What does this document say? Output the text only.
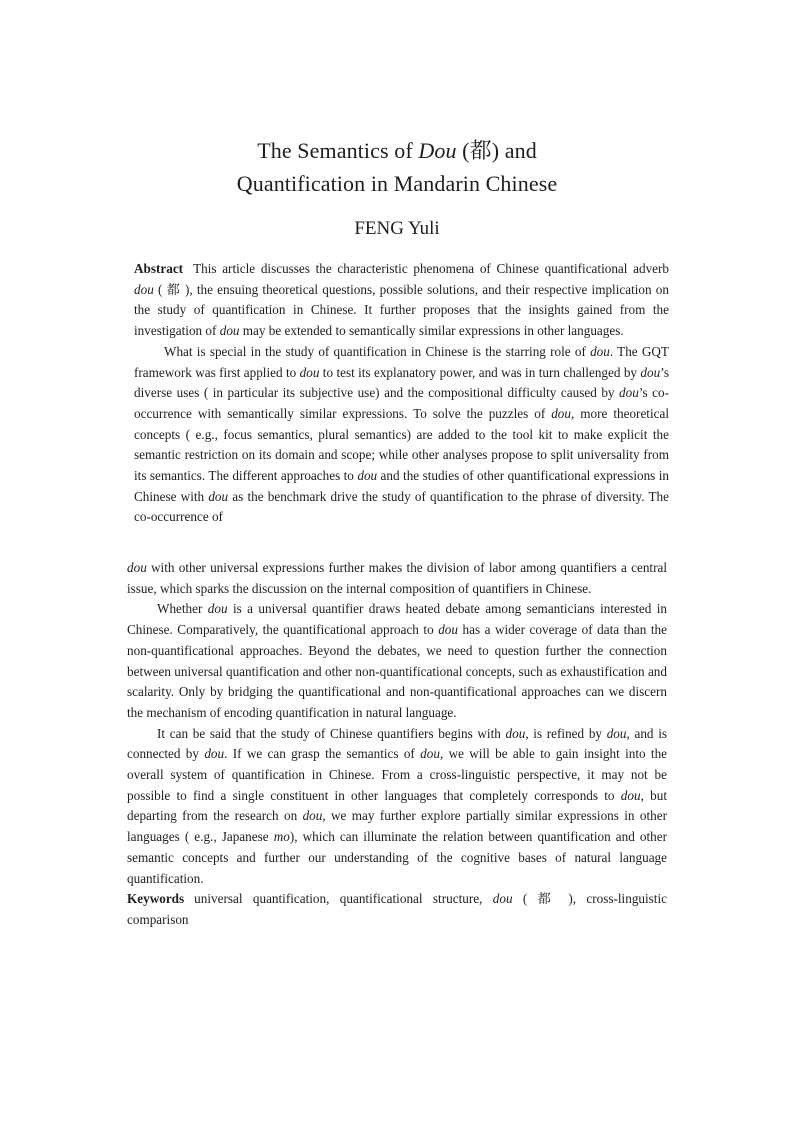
The Semantics of Dou (都) and
Quantification in Mandarin Chinese
FENG Yuli

Abstract This article discusses the characteristic phenomena of Chinese quantificational adverb dou ( 都 ), the ensuing theoretical questions, possible solutions, and their respective implication on the study of quantification in Chinese. It further proposes that the insights gained from the investigation of dou may be extended to semantically similar expressions in other languages.

What is special in the study of quantification in Chinese is the starring role of dou. The GQT framework was first applied to dou to test its explanatory power, and was in turn challenged by dou’s diverse uses ( in particular its subjective use) and the compositional difficulty caused by dou’s co-occurrence with semantically similar expressions. To solve the puzzles of dou, more theoretical concepts ( e.g., focus semantics, plural semantics) are added to the tool kit to make explicit the semantic restriction on its domain and scope; while other analyses propose to split universality from its semantics. The different approaches to dou and the studies of other quantificational expressions in Chinese with dou as the benchmark drive the study of quantification to the phrase of diversity. The co-occurrence of

dou with other universal expressions further makes the division of labor among quantifiers a central issue, which sparks the discussion on the internal composition of quantifiers in Chinese.

Whether dou is a universal quantifier draws heated debate among semanticians interested in Chinese. Comparatively, the quantificational approach to dou has a wider coverage of data than the non-quantificational approaches. Beyond the debates, we need to question further the connection between universal quantification and other non-quantificational concepts, such as exhaustification and scalarity. Only by bridging the quantificational and non-quantificational approaches can we discern the mechanism of encoding quantification in natural language.

It can be said that the study of Chinese quantifiers begins with dou, is refined by dou, and is connected by dou. If we can grasp the semantics of dou, we will be able to gain insight into the overall system of quantification in Chinese. From a cross-linguistic perspective, it may not be possible to find a single constituent in other languages that completely corresponds to dou, but departing from the research on dou, we may further explore partially similar expressions in other languages ( e.g., Japanese mo), which can illuminate the relation between quantification and other semantic concepts and further our understanding of the cognitive bases of natural language quantification.

Keywords universal quantification, quantificational structure, dou ( 都 ), cross-linguistic comparison
